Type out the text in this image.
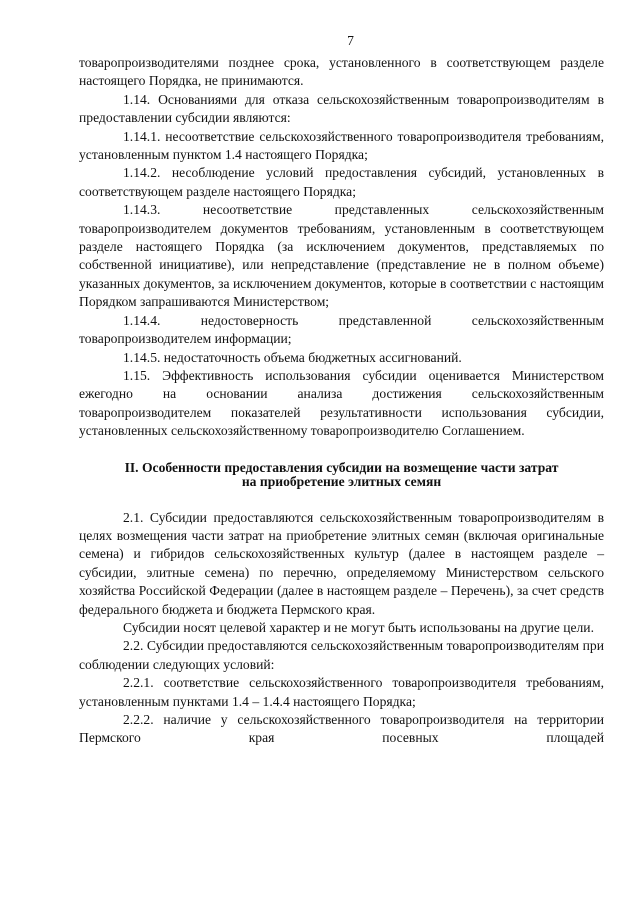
7

товаропроизводителями позднее срока, установленного в соответствующем разделе настоящего Порядка, не принимаются.

1.14. Основаниями для отказа сельскохозяйственным товаропроизводителям в предоставлении субсидии являются:

1.14.1. несоответствие сельскохозяйственного товаропроизводителя требованиям, установленным пунктом 1.4 настоящего Порядка;

1.14.2. несоблюдение условий предоставления субсидий, установленных в соответствующем разделе настоящего Порядка;

1.14.3. несоответствие представленных сельскохозяйственным товаропроизводителем документов требованиям, установленным в соответствующем разделе настоящего Порядка (за исключением документов, представляемых по собственной инициативе), или непредставление (представление не в полном объеме) указанных документов, за исключением документов, которые в соответствии с настоящим Порядком запрашиваются Министерством;

1.14.4. недостоверность представленной сельскохозяйственным товаропроизводителем информации;

1.14.5. недостаточность объема бюджетных ассигнований.

1.15. Эффективность использования субсидии оценивается Министерством ежегодно на основании анализа достижения сельскохозяйственным товаропроизводителем показателей результативности использования субсидии, установленных сельскохозяйственному товаропроизводителю Соглашением.

II. Особенности предоставления субсидии на возмещение части затрат
на приобретение элитных семян

2.1. Субсидии предоставляются сельскохозяйственным товаропроизводителям в целях возмещения части затрат на приобретение элитных семян (включая оригинальные семена) и гибридов сельскохозяйственных культур (далее в настоящем разделе – субсидии, элитные семена) по перечню, определяемому Министерством сельского хозяйства Российской Федерации (далее в настоящем разделе – Перечень), за счет средств федерального бюджета и бюджета Пермского края.

Субсидии носят целевой характер и не могут быть использованы на другие цели.

2.2. Субсидии предоставляются сельскохозяйственным товаропроизводителям при соблюдении следующих условий:

2.2.1. соответствие сельскохозяйственного товаропроизводителя требованиям, установленным пунктами 1.4 – 1.4.4 настоящего Порядка;

2.2.2. наличие у сельскохозяйственного товаропроизводителя на территории Пермского края посевных площадей
